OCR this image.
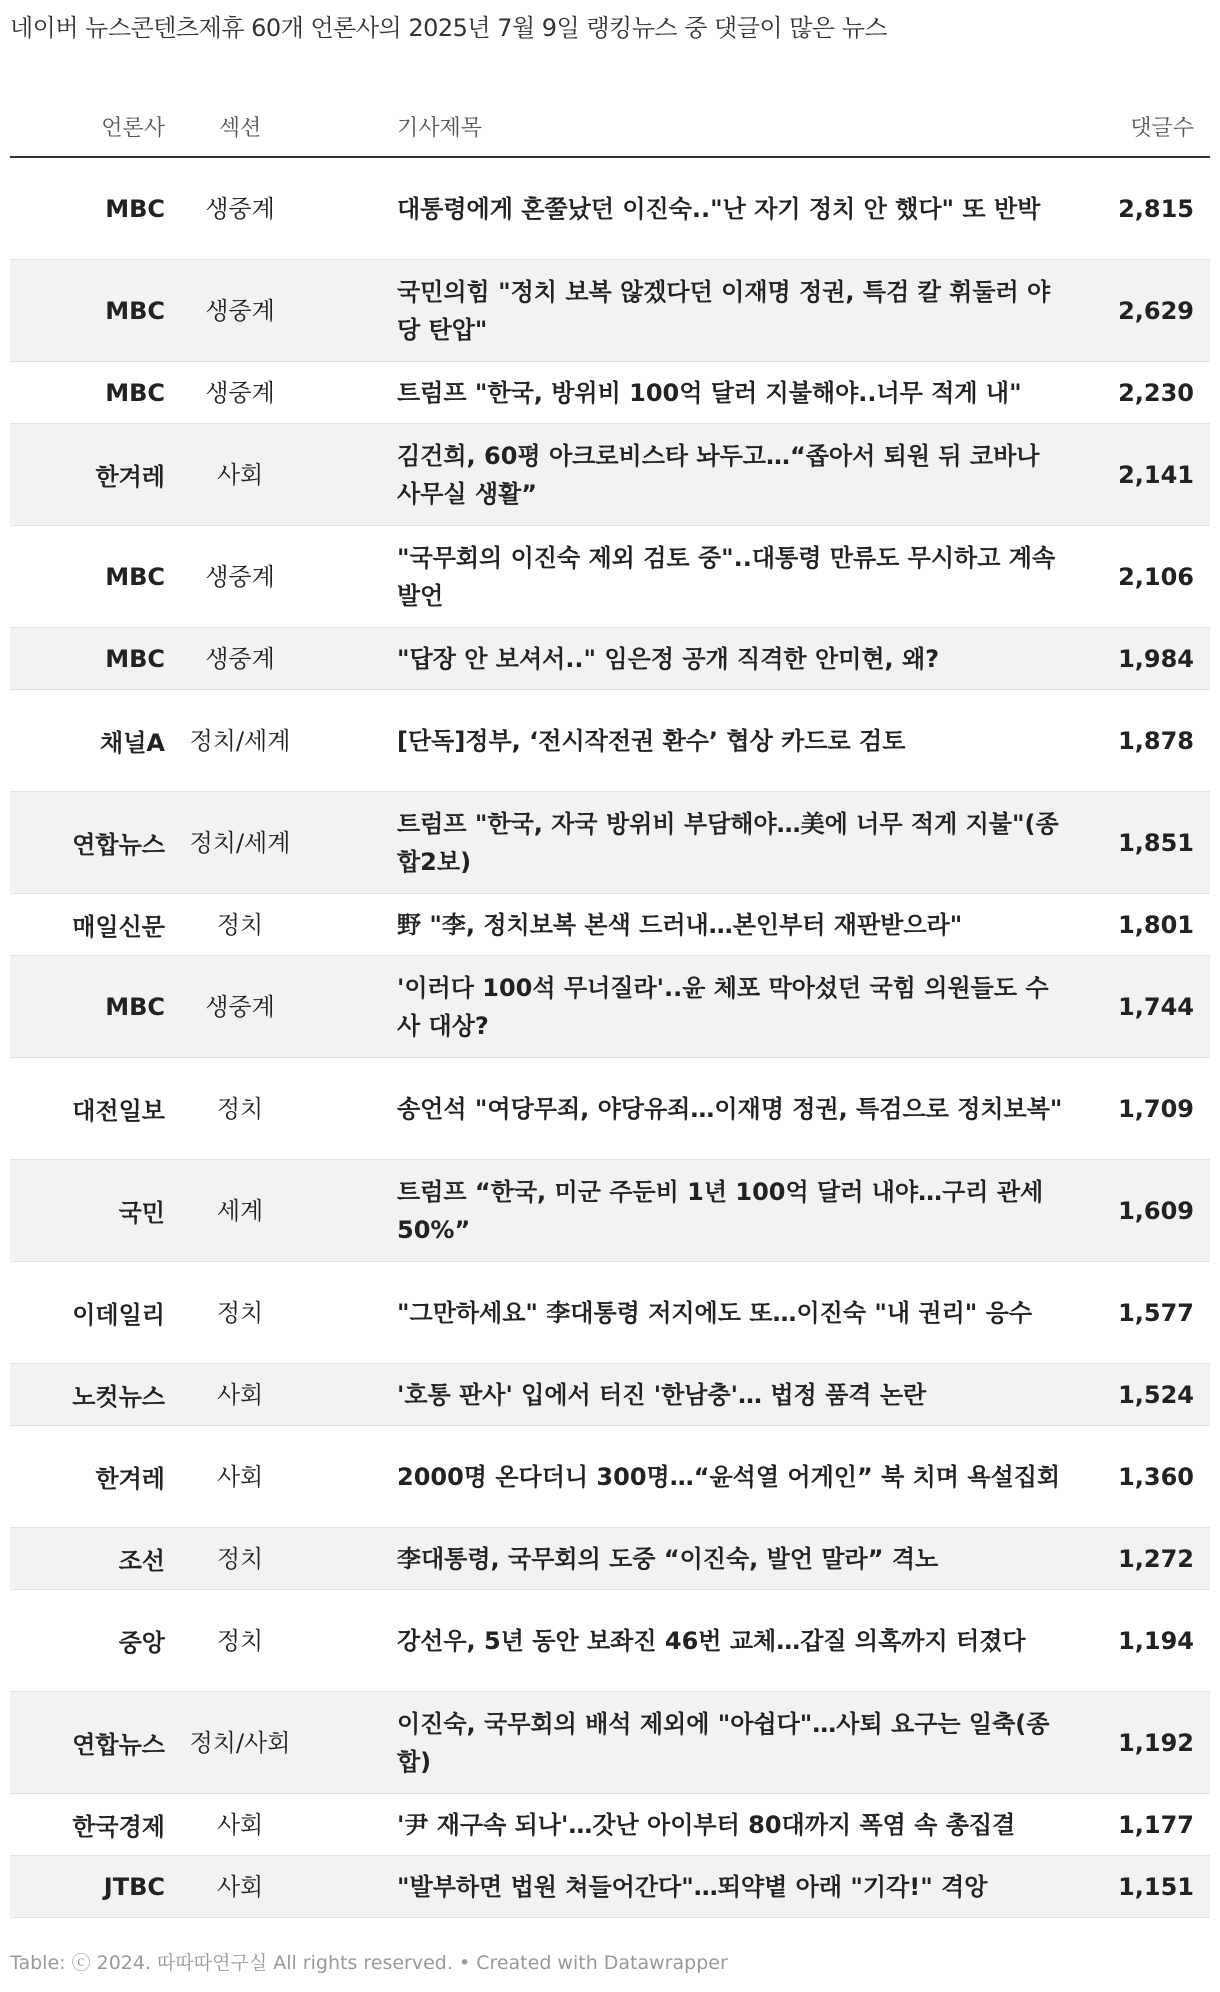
네이버 뉴스콘텐츠제휴 60개 언론사의 2025년 7월 9일 랭킹뉴스 중 댓글이 많은 뉴스
언론사	섹션	기사제목	댓글수
MBC	생중계	대통령에게 혼쭐났던 이진숙.."난 자기 정치 안 했다" 또 반박	2,815
MBC	생중계	국민의힘 "정치 보복 않겠다던 이재명 정권, 특검 칼 휘둘러 야당 탄압"	2,629
MBC	생중계	트럼프 "한국, 방위비 100억 달러 지불해야..너무 적게 내"	2,230
한겨레	사회	김건희, 60평 아크로비스타 놔두고…“좁아서 퇴원 뒤 코바나 사무실 생활”	2,141
MBC	생중계	"국무회의 이진숙 제외 검토 중"..대통령 만류도 무시하고 계속 발언	2,106
MBC	생중계	"답장 안 보셔서.." 임은정 공개 직격한 안미현, 왜?	1,984
채널A	정치/세계	[단독]정부, ‘전시작전권 환수’ 협상 카드로 검토	1,878
연합뉴스	정치/세계	트럼프 "한국, 자국 방위비 부담해야…美에 너무 적게 지불"(종합2보)	1,851
매일신문	정치	野 "李, 정치보복 본색 드러내…본인부터 재판받으라"	1,801
MBC	생중계	'이러다 100석 무너질라'..윤 체포 막아섰던 국힘 의원들도 수사 대상?	1,744
대전일보	정치	송언석 "여당무죄, 야당유죄…이재명 정권, 특검으로 정치보복"	1,709
국민	세계	트럼프 “한국, 미군 주둔비 1년 100억 달러 내야…구리 관세 50%”	1,609
이데일리	정치	"그만하세요" 李대통령 저지에도 또…이진숙 "내 권리" 응수	1,577
노컷뉴스	사회	'호통 판사' 입에서 터진 '한남충'… 법정 품격 논란	1,524
한겨레	사회	2000명 온다더니 300명…“윤석열 어게인” 북 치며 욕설집회	1,360
조선	정치	李대통령, 국무회의 도중 “이진숙, 발언 말라” 격노	1,272
중앙	정치	강선우, 5년 동안 보좌진 46번 교체…갑질 의혹까지 터졌다	1,194
연합뉴스	정치/사회	이진숙, 국무회의 배석 제외에 "아쉽다"…사퇴 요구는 일축(종합)	1,192
한국경제	사회	'尹 재구속 되나'…갓난 아이부터 80대까지 폭염 속 총집결	1,177
JTBC	사회	"발부하면 법원 쳐들어간다"…뙤약볕 아래 "기각!" 격앙	1,151
Table: ⓒ 2024. 따따따연구실 All rights reserved. • Created with Datawrapper
